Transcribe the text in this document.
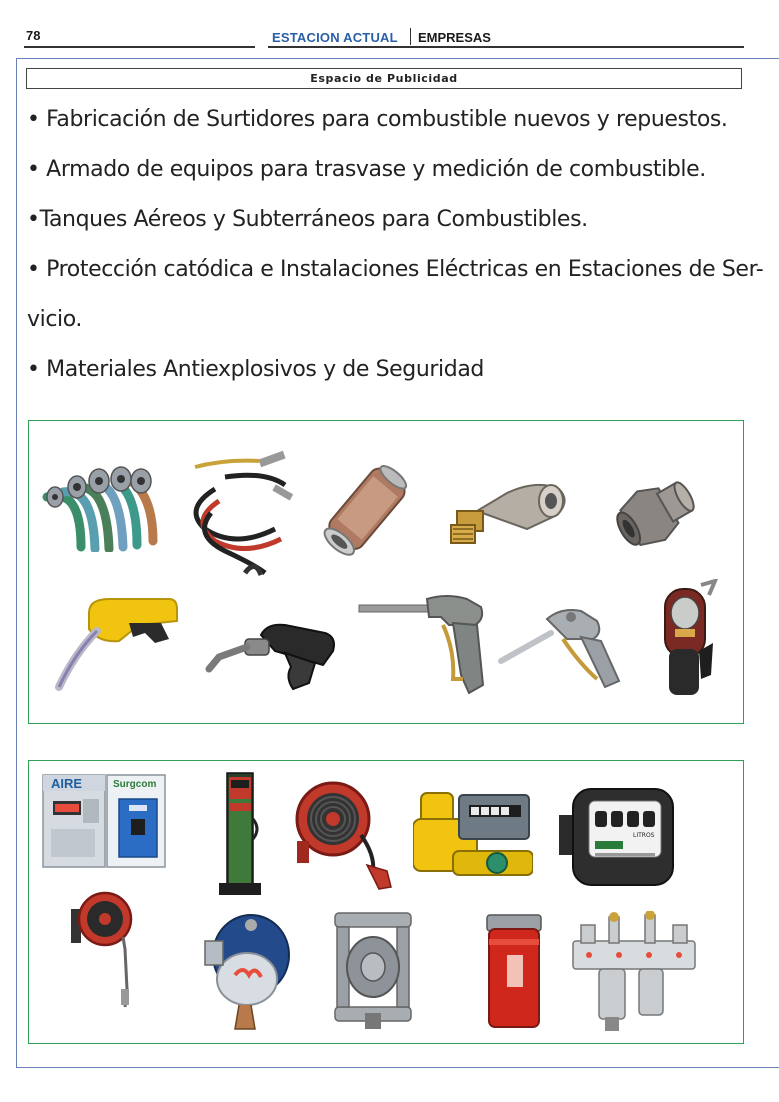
78	ESTACION ACTUAL EMPRESAS
Espacio de Publicidad
• Fabricación de Surtidores para combustible nuevos y repuestos.
• Armado de equipos para trasvase y medición de combustible.
•Tanques Aéreos y Subterráneos para Combustibles.
• Protección catódica e Instalaciones Eléctricas en Estaciones de Ser-
vicio.
• Materiales Antiexplosivos y de Seguridad
AIRE	Surgcom
LITROS
